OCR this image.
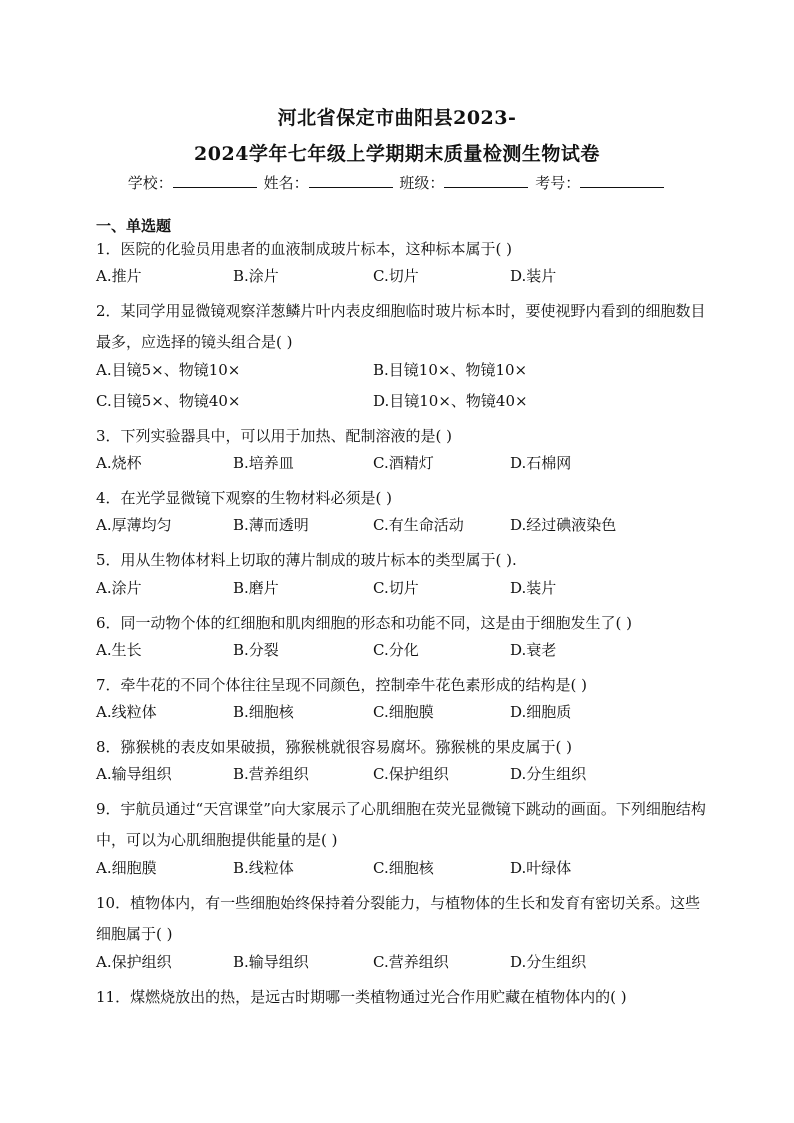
河北省保定市曲阳县2023-
2024学年七年级上学期期末质量检测生物试卷
学校：	姓名：	班级：	考号：
一、单选题
1．医院的化验员用患者的血液制成玻片标本，这种标本属于( )
A.推片	B.涂片	C.切片	D.装片
2．某同学用显微镜观察洋葱鳞片叶内表皮细胞临时玻片标本时，要使视野内看到的细胞数目最多，应选择的镜头组合是( )
A.目镜5×、物镜10×	B.目镜10×、物镜10×
C.目镜5×、物镜40×	D.目镜10×、物镜40×
3．下列实验器具中，可以用于加热、配制溶液的是( )
A.烧杯	B.培养皿	C.酒精灯	D.石棉网
4．在光学显微镜下观察的生物材料必须是( )
A.厚薄均匀	B.薄而透明	C.有生命活动	D.经过碘液染色
5．用从生物体材料上切取的薄片制成的玻片标本的类型属于( ).
A.涂片	B.磨片	C.切片	D.装片
6．同一动物个体的红细胞和肌肉细胞的形态和功能不同，这是由于细胞发生了( )
A.生长	B.分裂	C.分化	D.衰老
7．牵牛花的不同个体往往呈现不同颜色，控制牵牛花色素形成的结构是( )
A.线粒体	B.细胞核	C.细胞膜	D.细胞质
8．猕猴桃的表皮如果破损，猕猴桃就很容易腐坏。猕猴桃的果皮属于( )
A.输导组织	B.营养组织	C.保护组织	D.分生组织
9．宇航员通过“天宫课堂”向大家展示了心肌细胞在荧光显微镜下跳动的画面。下列细胞结构中，可以为心肌细胞提供能量的是( )
A.细胞膜	B.线粒体	C.细胞核	D.叶绿体
10．植物体内，有一些细胞始终保持着分裂能力，与植物体的生长和发育有密切关系。这些细胞属于( )
A.保护组织	B.输导组织	C.营养组织	D.分生组织
11．煤燃烧放出的热，是远古时期哪一类植物通过光合作用贮藏在植物体内的( )
